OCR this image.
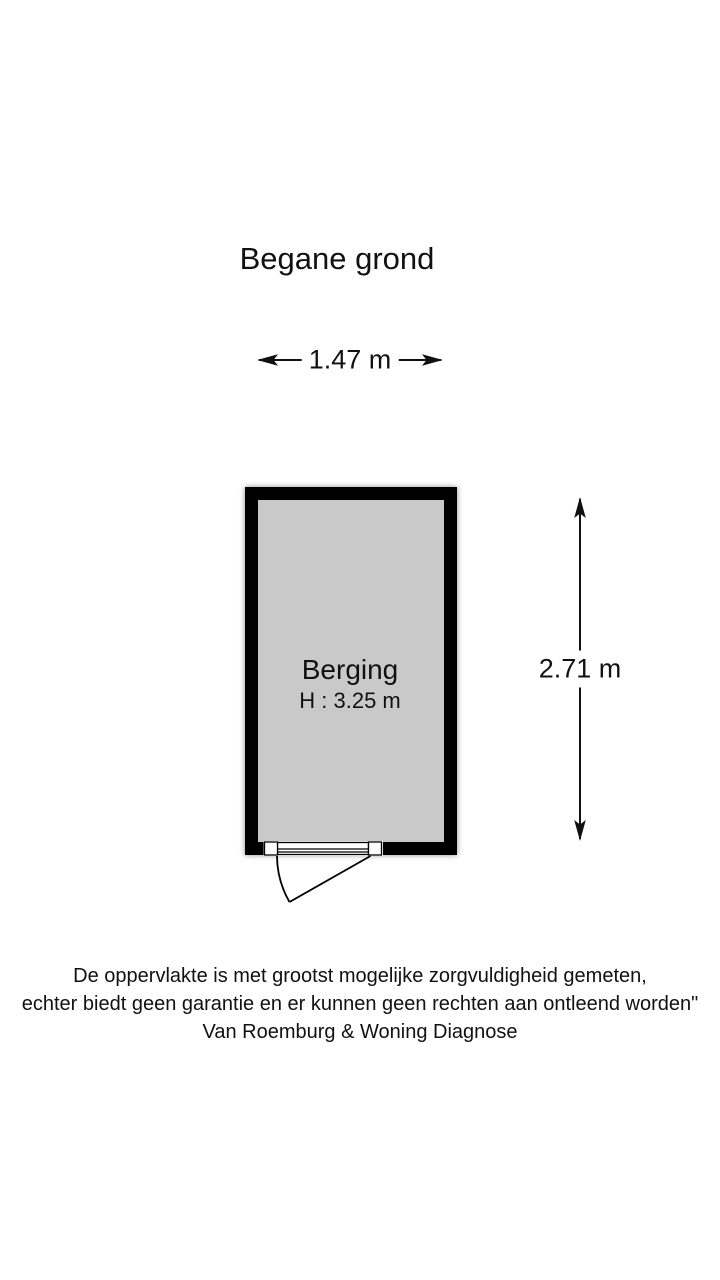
Begane grond
1.47 m
2.71 m
Berging
H : 3.25 m
De oppervlakte is met grootst mogelijke zorgvuldigheid gemeten,
echter biedt geen garantie en er kunnen geen rechten aan ontleend worden"
Van Roemburg & Woning Diagnose
